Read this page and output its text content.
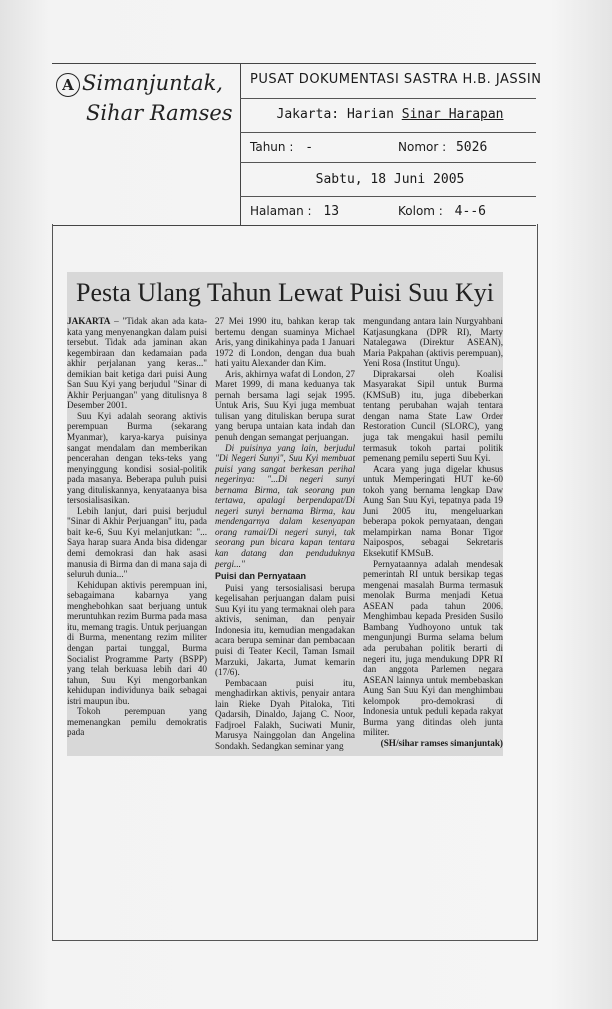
A Simanjuntak,
Sihar Ramses
PUSAT DOKUMENTASI SASTRA H.B. JASSIN
Jakarta: Harian Sinar Harapan
Tahun : -	Nomor : 5026
Sabtu, 18 Juni 2005
Halaman : 13	Kolom : 4--6
Pesta Ulang Tahun Lewat Puisi Suu Kyi

JAKARTA – "Tidak akan ada kata-kata yang menyenangkan dalam puisi tersebut. Tidak ada jaminan akan kegembiraan dan kedamaian pada akhir perjalanan yang keras..." demikian bait ketiga dari puisi Aung San Suu Kyi yang berjudul "Sinar di Akhir Perjuangan" yang ditulisnya 8 Desember 2001.

Suu Kyi adalah seorang aktivis perempuan Burma (sekarang Myanmar), karya-karya puisinya sangat mendalam dan memberikan pencerahan dengan teks-teks yang menyinggung kondisi sosial-politik pada masanya. Beberapa puluh puisi yang dituliskannya, kenyataanya bisa tersosialisasikan.

Lebih lanjut, dari puisi berjudul "Sinar di Akhir Perjuangan" itu, pada bait ke-6, Suu Kyi melanjutkan: "... Saya harap suara Anda bisa didengar demi demokrasi dan hak asasi manusia di Birma dan di mana saja di seluruh dunia..."

Kehidupan aktivis perempuan ini, sebagaimana kabarnya yang menghebohkan saat berjuang untuk meruntuhkan rezim Burma pada masa itu, memang tragis. Untuk perjuangan di Burma, menentang rezim militer dengan partai tunggal, Burma Socialist Programme Party (BSPP) yang telah berkuasa lebih dari 40 tahun, Suu Kyi mengorbankan kehidupan individunya baik sebagai istri maupun ibu.

Tokoh perempuan yang memenangkan pemilu demokratis pada

27 Mei 1990 itu, bahkan kerap tak bertemu dengan suaminya Michael Aris, yang dinikahinya pada 1 Januari 1972 di London, dengan dua buah hati yaitu Alexander dan Kim.

Aris, akhirnya wafat di London, 27 Maret 1999, di mana keduanya tak pernah bersama lagi sejak 1995. Untuk Aris, Suu Kyi juga membuat tulisan yang dituliskan berupa surat yang berupa untaian kata indah dan penuh dengan semangat perjuangan.

Di puisinya yang lain, berjudul "Di Negeri Sunyi", Suu Kyi membuat puisi yang sangat berkesan perihal negerinya: "...Di negeri sunyi bernama Birma, tak seorang pun tertawa, apalagi berpendapat/Di negeri sunyi bernama Birma, kau mendengarnya dalam kesenyapan orang ramai/Di negeri sunyi, tak seorang pun bicara kapan tentara kan datang dan penduduknya pergi..."

Puisi dan Pernyataan

Puisi yang tersosialisasi berupa kegelisahan perjuangan dalam puisi Suu Kyi itu yang termaknai oleh para aktivis, seniman, dan penyair Indonesia itu, kemudian mengadakan acara berupa seminar dan pembacaan puisi di Teater Kecil, Taman Ismail Marzuki, Jakarta, Jumat kemarin (17/6).

Pembacaan puisi itu, menghadirkan aktivis, penyair antara lain Rieke Dyah Pitaloka, Titi Qadarsih, Dinaldo, Jajang C. Noor, Fadjroel Falakh, Suciwati Munir, Marusya Nainggolan dan Angelina Sondakh. Sedangkan seminar yang

mengundang antara lain Nurgyahbani Katjasungkana (DPR RI), Marty Natalegawa (Direktur ASEAN), Maria Pakpahan (aktivis perempuan), Yeni Rosa (Institut Ungu).

Diprakarsai oleh Koalisi Masyarakat Sipil untuk Burma (KMSuB) itu, juga dibeberkan tentang perubahan wajah tentara dengan nama State Law Order Restoration Cuncil (SLORC), yang juga tak mengakui hasil pemilu termasuk tokoh partai politik pemenang pemilu seperti Suu Kyi.

Acara yang juga digelar khusus untuk Memperingati HUT ke-60 tokoh yang bernama lengkap Daw Aung San Suu Kyi, tepatnya pada 19 Juni 2005 itu, mengeluarkan beberapa pokok pernyataan, dengan melampirkan nama Bonar Tigor Naipospos, sebagai Sekretaris Eksekutif KMSuB.

Pernyataannya adalah mendesak pemerintah RI untuk bersikap tegas mengenai masalah Burma termasuk menolak Burma menjadi Ketua ASEAN pada tahun 2006. Menghimbau kepada Presiden Susilo Bambang Yudhoyono untuk tak mengunjungi Burma selama belum ada perubahan politik berarti di negeri itu, juga mendukung DPR RI dan anggota Parlemen negara ASEAN lainnya untuk membebaskan Aung San Suu Kyi dan menghimbau kelompok pro-demokrasi di Indonesia untuk peduli kepada rakyat Burma yang ditindas oleh junta militer.

(SH/sihar ramses simanjuntak)
